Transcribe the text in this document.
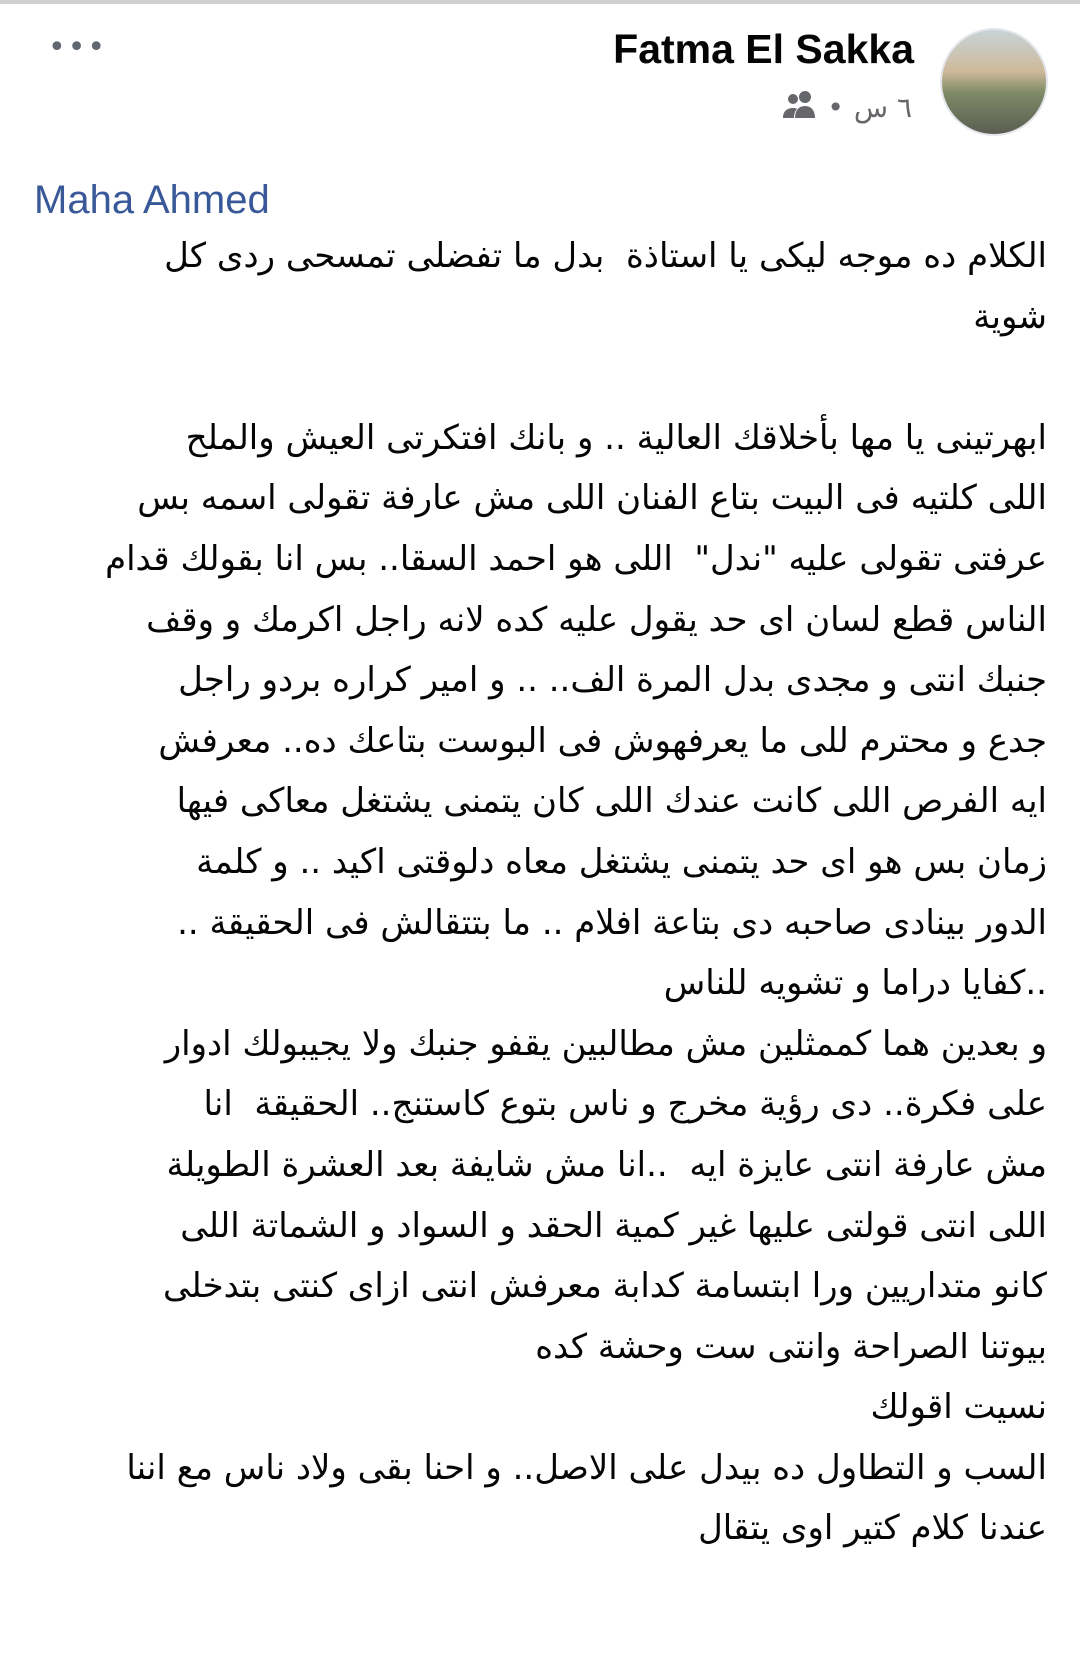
•••	Fatma El Sakka
٦ س
•
Maha Ahmed
الكلام ده موجه ليكى يا استاذة  بدل ما تفضلى تمسحى ردى كل
شوية
ابهرتينى يا مها بأخلاقك العالية .. و بانك افتكرتى العيش والملح
اللى كلتيه فى البيت بتاع الفنان اللى مش عارفة تقولى اسمه بس
عرفتى تقولى عليه "ندل"  اللى هو احمد السقا.. بس انا بقولك قدام
الناس قطع لسان اى حد يقول عليه كده لانه راجل اكرمك و وقف
جنبك انتى و مجدى بدل المرة الف.. .. و امير كراره بردو راجل
جدع و محترم للى ما يعرفهوش فى البوست بتاعك ده.. معرفش
ايه الفرص اللى كانت عندك اللى كان يتمنى يشتغل معاكى فيها
زمان بس هو اى حد يتمنى يشتغل معاه دلوقتى اكيد .. و كلمة
الدور بينادى صاحبه دى بتاعة افلام .. ما بتتقالش فى الحقيقة ..
..كفايا دراما و تشويه للناس
و بعدين هما كممثلين مش مطالبين يقفو جنبك ولا يجيبولك ادوار
على فكرة.. دى رؤية مخرج و ناس بتوع كاستنج.. الحقيقة  انا
مش عارفة انتى عايزة ايه  ..انا مش شايفة بعد العشرة الطويلة
اللى انتى قولتى عليها غير كمية الحقد و السواد و الشماتة اللى
كانو متداريين ورا ابتسامة كدابة معرفش انتى ازاى كنتى بتدخلى
بيوتنا الصراحة وانتى ست وحشة كده
نسيت اقولك
السب و التطاول ده بيدل على الاصل.. و احنا بقى ولاد ناس مع اننا
عندنا كلام كتير اوى يتقال
